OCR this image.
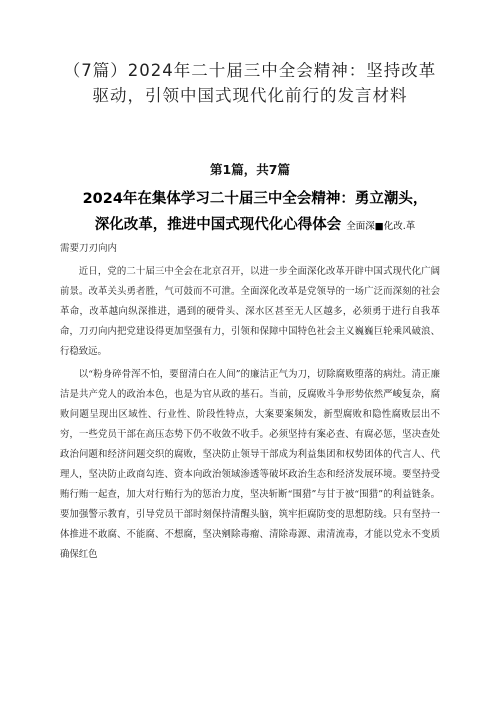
（7篇）2024年二十届三中全会精神：坚持改革驱动，引领中国式现代化前行的发言材料
第1篇，共7篇
2024年在集体学习二十届三中全会精神：勇立潮头，
深化改革，推进中国式现代化心得体会 全面深■化改.革
需要刀刃向内

近日，党的二十届三中全会在北京召开，以进一步全面深化改革开辟中国式现代化广阔前景。改革关头勇者胜，气可鼓而不可泄。全面深化改革是党领导的一场广泛而深刻的社会革命，改革越向纵深推进，遇到的硬骨头、深水区甚至无人区越多，必须勇于进行自我革命，刀刃向内把党建设得更加坚强有力，引领和保障中国特色社会主义巍巍巨轮乘风破浪、行稳致远。

以“粉身碎骨浑不怕，要留清白在人间”的廉洁正气为刀，切除腐败堕落的病灶。清正廉洁是共产党人的政治本色，也是为官从政的基石。当前，反腐败斗争形势依然严峻复杂，腐败问题呈现出区域性、行业性、阶段性特点，大案要案频发，新型腐败和隐性腐败层出不穷，一些党员干部在高压态势下仍不收敛不收手。必须坚持有案必查、有腐必惩，坚决查处政治问题和经济问题交织的腐败，坚决防止领导干部成为利益集团和权势团体的代言人、代理人，坚决防止政商勾连、资本向政治领域渗透等破坏政治生态和经济发展环境。要坚持受贿行贿一起查，加大对行贿行为的惩治力度，坚决斩断“围猎”与甘于被“围猎”的利益链条。要加强警示教育，引导党员干部时刻保持清醒头脑，筑牢拒腐防变的思想防线。只有坚持一体推进不敢腐、不能腐、不想腐，坚决剜除毒瘤、清除毒源、肃清流毒，才能以党永不变质确保红色
